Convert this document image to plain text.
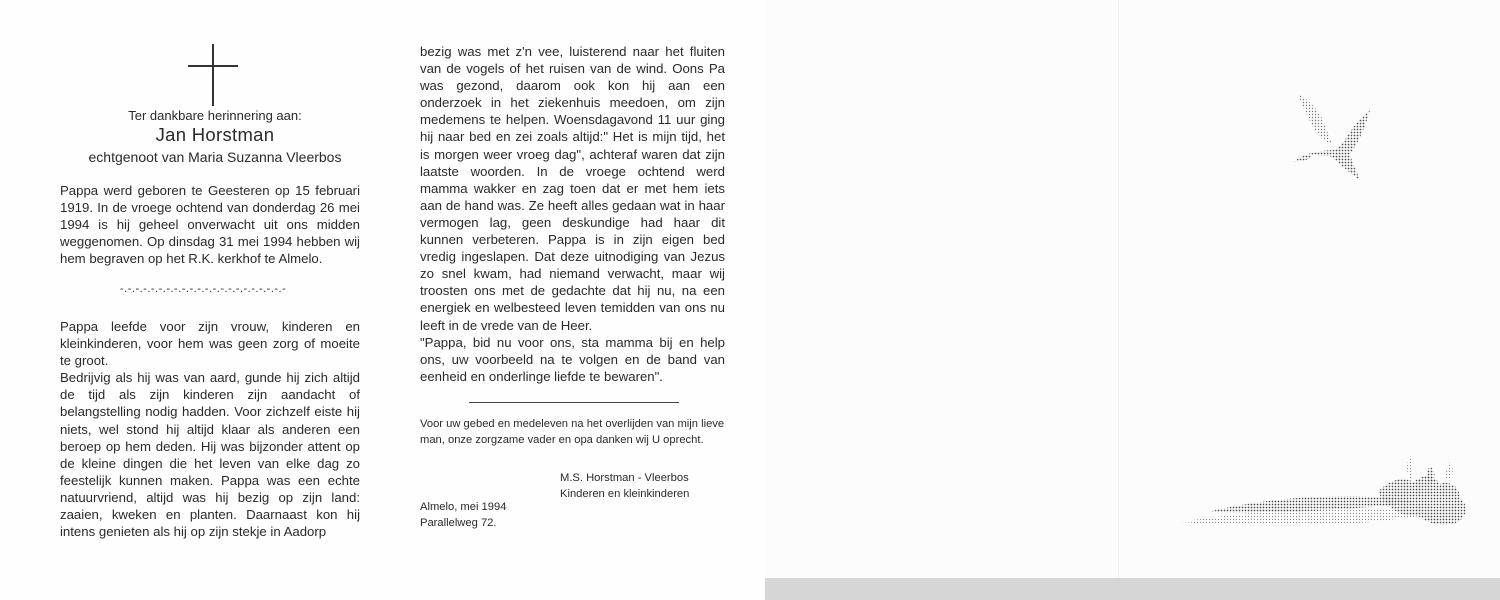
Ter dankbare herinnering aan:
Jan Horstman
echtgenoot van Maria Suzanna Vleerbos

Pappa werd geboren te Geesteren op 15 februari 1919. In de vroege ochtend van donderdag 26 mei 1994 is hij geheel onverwacht uit ons midden weggenomen. Op dinsdag 31 mei 1994 hebben wij hem begraven op het R.K. kerkhof te Almelo.

-.-.-.-.-.-.-.-.-.-.-.-.-.-.-.-.-.-.-.-.-.-

Pappa leefde voor zijn vrouw, kinderen en kleinkinderen, voor hem was geen zorg of moeite te groot.
Bedrijvig als hij was van aard, gunde hij zich altijd de tijd als zijn kinderen zijn aandacht of belangstelling nodig hadden. Voor zichzelf eiste hij niets, wel stond hij altijd klaar als anderen een beroep op hem deden. Hij was bijzonder attent op de kleine dingen die het leven van elke dag zo feestelijk kunnen maken. Pappa was een echte natuurvriend, altijd was hij bezig op zijn land: zaaien, kweken en planten. Daarnaast kon hij intens genieten als hij op zijn stekje in Aadorp

bezig was met z'n vee, luisterend naar het fluiten van de vogels of het ruisen van de wind. Oons Pa was gezond, daarom ook kon hij aan een onderzoek in het ziekenhuis meedoen, om zijn medemens te helpen. Woensdagavond 11 uur ging hij naar bed en zei zoals altijd:" Het is mijn tijd, het is morgen weer vroeg dag", achteraf waren dat zijn laatste woorden. In de vroege ochtend werd mamma wakker en zag toen dat er met hem iets aan de hand was. Ze heeft alles gedaan wat in haar vermogen lag, geen deskundige had haar dit kunnen verbeteren. Pappa is in zijn eigen bed vredig ingeslapen. Dat deze uitnodiging van Jezus zo snel kwam, had niemand verwacht, maar wij troosten ons met de gedachte dat hij nu, na een energiek en welbesteed leven temidden van ons nu leeft in de vrede van de Heer.
"Pappa, bid nu voor ons, sta mamma bij en help ons, uw voorbeeld na te volgen en de band van eenheid en onderlinge liefde te bewaren".

Voor uw gebed en medeleven na het overlijden van mijn lieve man, onze zorgzame vader en opa danken wij U oprecht.

M.S. Horstman - Vleerbos
Kinderen en kleinkinderen

Almelo, mei 1994
Parallelweg 72.
